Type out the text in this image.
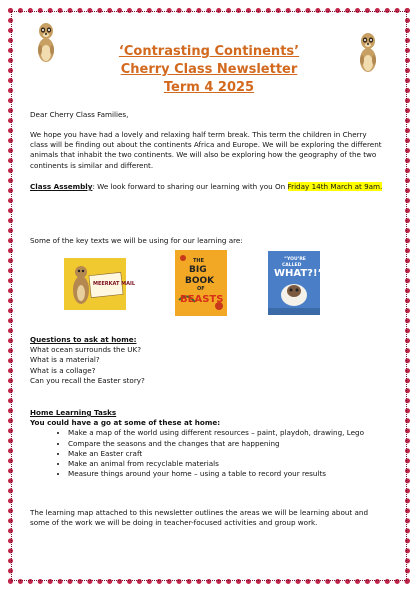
‘Contrasting Continents’
Cherry Class Newsletter
Term 4 2025
Dear Cherry Class Families,
We hope you have had a lovely and relaxing half term break. This term the children in Cherry class will be finding out about the continents Africa and Europe. We will be exploring the different animals that inhabit the two continents. We will also be exploring how the geography of the two continents is similar and different.
Class Assembly: We look forward to sharing our learning with you On Friday 14th March at 9am.
Some of the key texts we will be using for our learning are:
MEERKAT MAIL
THE
BIG
BOOK
OF
BEASTS
“YOU’RE
CALLED
WHAT?!”
Questions to ask at home:
What ocean surrounds the UK?
What is a material?
What is a collage?
Can you recall the Easter story?
Home Learning Tasks
You could have a go at some of these at home:
• Make a map of the world using different resources – paint, playdoh, drawing, Lego
• Compare the seasons and the changes that are happening
• Make an Easter craft
• Make an animal from recyclable materials
• Measure things around your home – using a table to record your results
The learning map attached to this newsletter outlines the areas we will be learning about and some of the work we will be doing in teacher-focused activities and group work.
